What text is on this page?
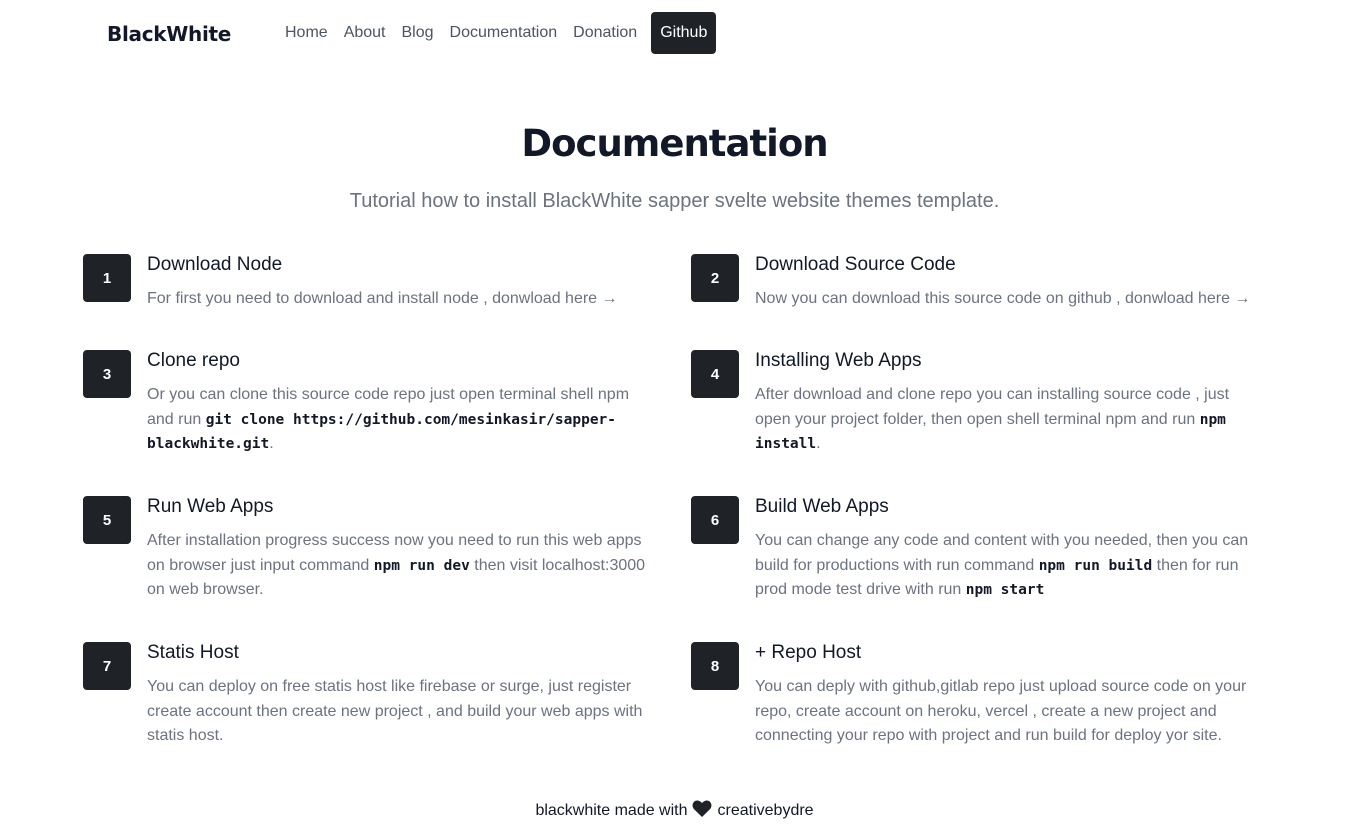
BlackWhite	Home About Blog Documentation Donation	Github
Documentation
Tutorial how to install BlackWhite sapper svelte website themes template.
1
Download Node
For first you need to download and install node , donwload here →
2
Download Source Code
Now you can download this source code on github , donwload here →
3
Clone repo
Or you can clone this source code repo just open terminal shell npm and run git clone https://github.com/mesinkasir/sapper-blackwhite.git.
4
Installing Web Apps
After download and clone repo you can installing source code , just open your project folder, then open shell terminal npm and run npm install.
5
Run Web Apps
After installation progress success now you need to run this web apps on browser just input command npm run dev then visit localhost:3000 on web browser.
6
Build Web Apps
You can change any code and content with you needed, then you can build for productions with run command npm run build then for run prod mode test drive with run npm start
7
Statis Host
You can deploy on free statis host like firebase or surge, just register create account then create new project , and build your web apps with statis host.
8
+ Repo Host
You can deply with github,gitlab repo just upload source code on your repo, create account on heroku, vercel , create a new project and connecting your repo with project and run build for deploy yor site.
blackwhite made with creativebydre
